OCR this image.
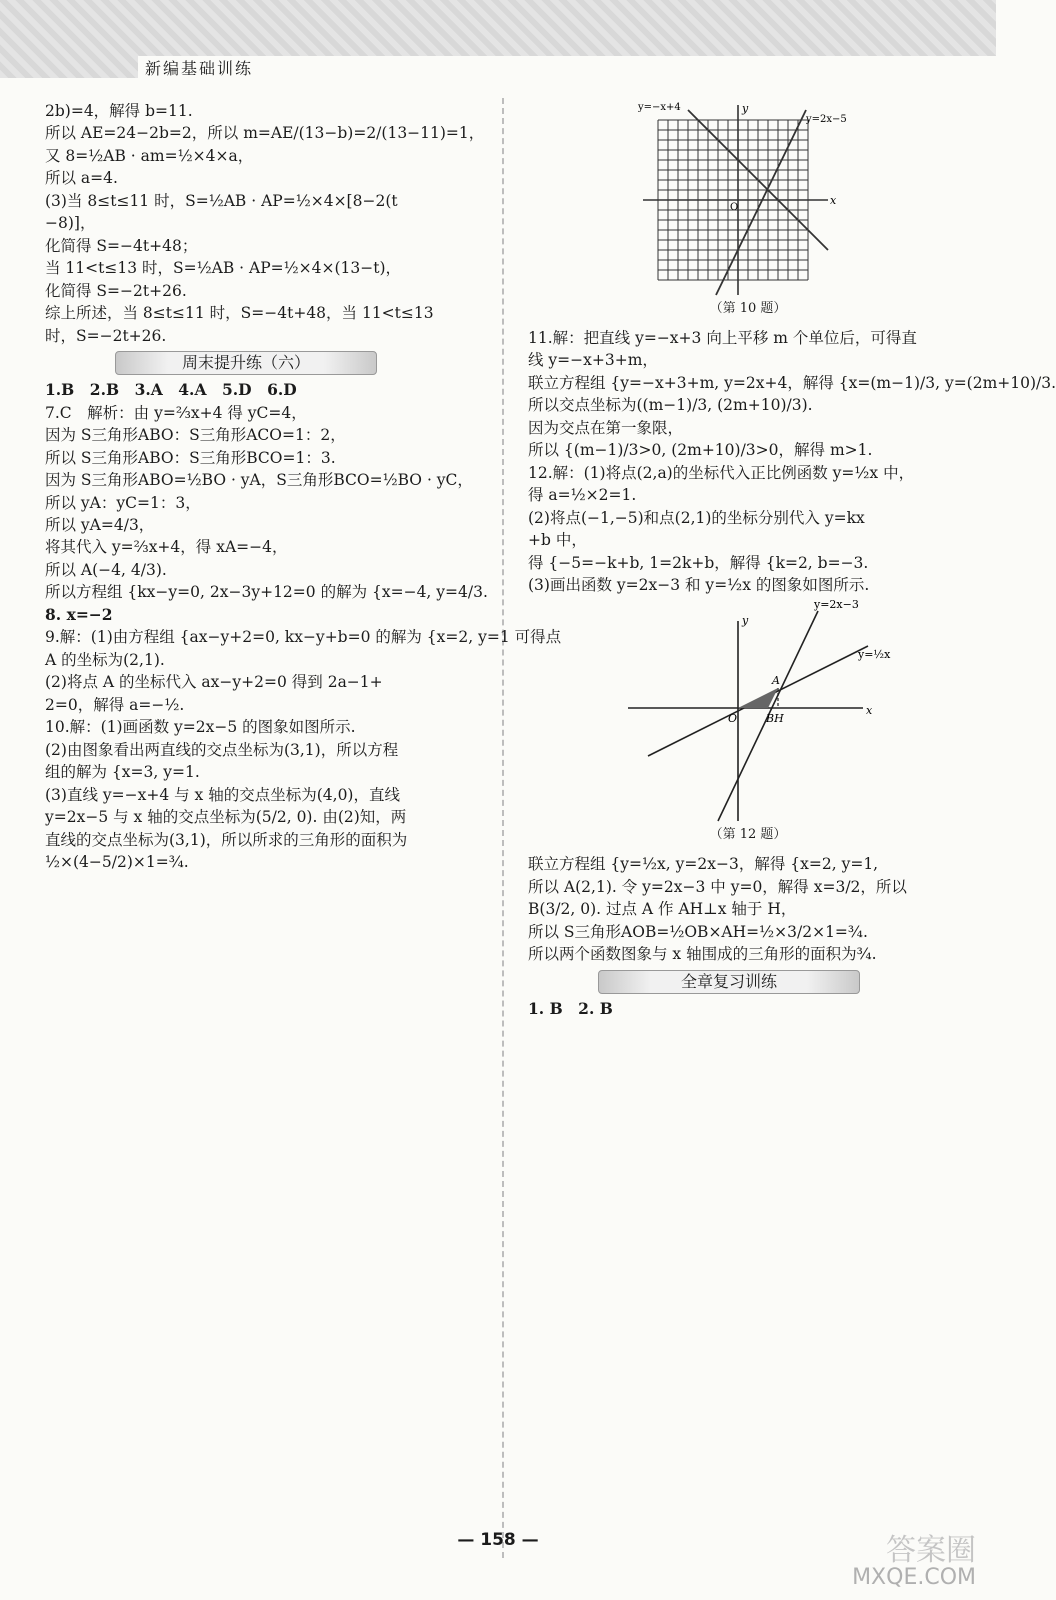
新编基础训练
2b)=4，解得 b=11.
所以 AE=24−2b=2，所以 m=AE/(13−b)=2/(13−11)=1，
又 8=½AB · am=½×4×a，
所以 a=4.
(3)当 8≤t≤11 时，S=½AB · AP=½×4×[8−2(t
−8)]，
化简得 S=−4t+48；
当 11<t≤13 时，S=½AB · AP=½×4×(13−t)，
化简得 S=−2t+26.
综上所述，当 8≤t≤11 时，S=−4t+48，当 11<t≤13
时，S=−2t+26.
周末提升练（六）
1.B　2.B　3.A　4.A　5.D　6.D
7.C　解析：由 y=⅔x+4 得 yC=4，
因为 S三角形ABO：S三角形ACO=1：2，
所以 S三角形ABO：S三角形BCO=1：3.
因为 S三角形ABO=½BO · yA，S三角形BCO=½BO · yC，
所以 yA：yC=1：3，
所以 yA=4/3，
将其代入 y=⅔x+4，得 xA=−4，
所以 A(−4, 4/3).
所以方程组 {kx−y=0, 2x−3y+12=0 的解为 {x=−4, y=4/3.
8. x=−2
9.解：(1)由方程组 {ax−y+2=0, kx−y+b=0 的解为 {x=2, y=1 可得点
A 的坐标为(2,1).
(2)将点 A 的坐标代入 ax−y+2=0 得到 2a−1+
2=0，解得 a=−½.
10.解：(1)画函数 y=2x−5 的图象如图所示.
(2)由图象看出两直线的交点坐标为(3,1)，所以方程
组的解为 {x=3, y=1.
(3)直线 y=−x+4 与 x 轴的交点坐标为(4,0)，直线
y=2x−5 与 x 轴的交点坐标为(5/2, 0). 由(2)知，两
直线的交点坐标为(3,1)，所以所求的三角形的面积为
½×(4−5/2)×1=¾.
y=−x+4
y=2x−5
x
y
O
（第 10 题）
11.解：把直线 y=−x+3 向上平移 m 个单位后，可得直
线 y=−x+3+m，
联立方程组 {y=−x+3+m, y=2x+4，解得 {x=(m−1)/3, y=(2m+10)/3.
所以交点坐标为((m−1)/3, (2m+10)/3).
因为交点在第一象限，
所以 {(m−1)/3>0, (2m+10)/3>0，解得 m>1.
12.解：(1)将点(2,a)的坐标代入正比例函数 y=½x 中，
得 a=½×2=1.
(2)将点(−1,−5)和点(2,1)的坐标分别代入 y=kx
+b 中，
得 {−5=−k+b, 1=2k+b，解得 {k=2, b=−3.
(3)画出函数 y=2x−3 和 y=½x 的图象如图所示.
y=2x−3
y=½x
x
y
O
A
BH
（第 12 题）
联立方程组 {y=½x, y=2x−3，解得 {x=2, y=1,
所以 A(2,1). 令 y=2x−3 中 y=0，解得 x=3/2，所以
B(3/2, 0). 过点 A 作 AH⊥x 轴于 H，
所以 S三角形AOB=½OB×AH=½×3/2×1=¾.
所以两个函数图象与 x 轴围成的三角形的面积为¾.
全章复习训练
1. B　2. B
— 158 —	答案圈
MXQE.COM
